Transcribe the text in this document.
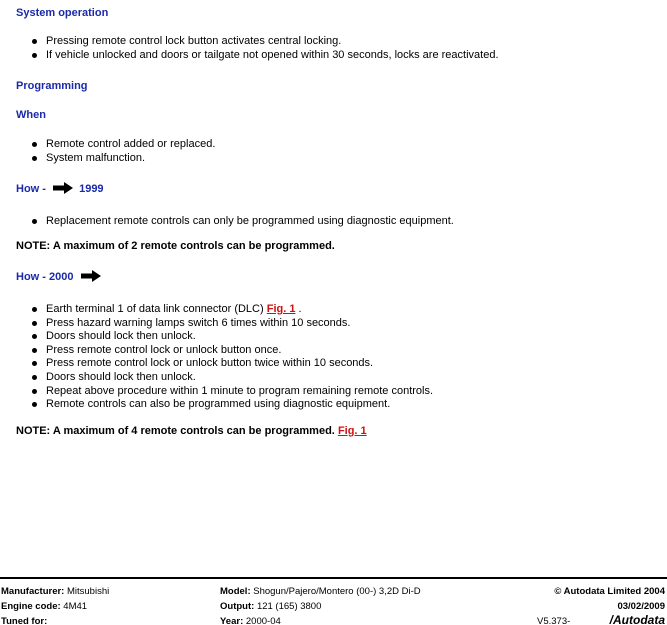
System operation
Pressing remote control lock button activates central locking.
If vehicle unlocked and doors or tailgate not opened within 30 seconds, locks are reactivated.
Programming
When
Remote control added or replaced.
System malfunction.
How -	1999
Replacement remote controls can only be programmed using diagnostic equipment.
NOTE: A maximum of 2 remote controls can be programmed.
How - 2000
Earth terminal 1 of data link connector (DLC) Fig. 1 .
Press hazard warning lamps switch 6 times within 10 seconds.
Doors should lock then unlock.
Press remote control lock or unlock button once.
Press remote control lock or unlock button twice within 10 seconds.
Doors should lock then unlock.
Repeat above procedure within 1 minute to program remaining remote controls.
Remote controls can also be programmed using diagnostic equipment.
NOTE: A maximum of 4 remote controls can be programmed. Fig. 1
Manufacturer: Mitsubishi	Model: Shogun/Pajero/Montero (00-) 3,2D Di-D	© Autodata Limited 2004
Engine code: 4M41	Output: 121 (165) 3800	03/02/2009
Tuned for:	Year: 2000-04	V5.373-	/Autodata
